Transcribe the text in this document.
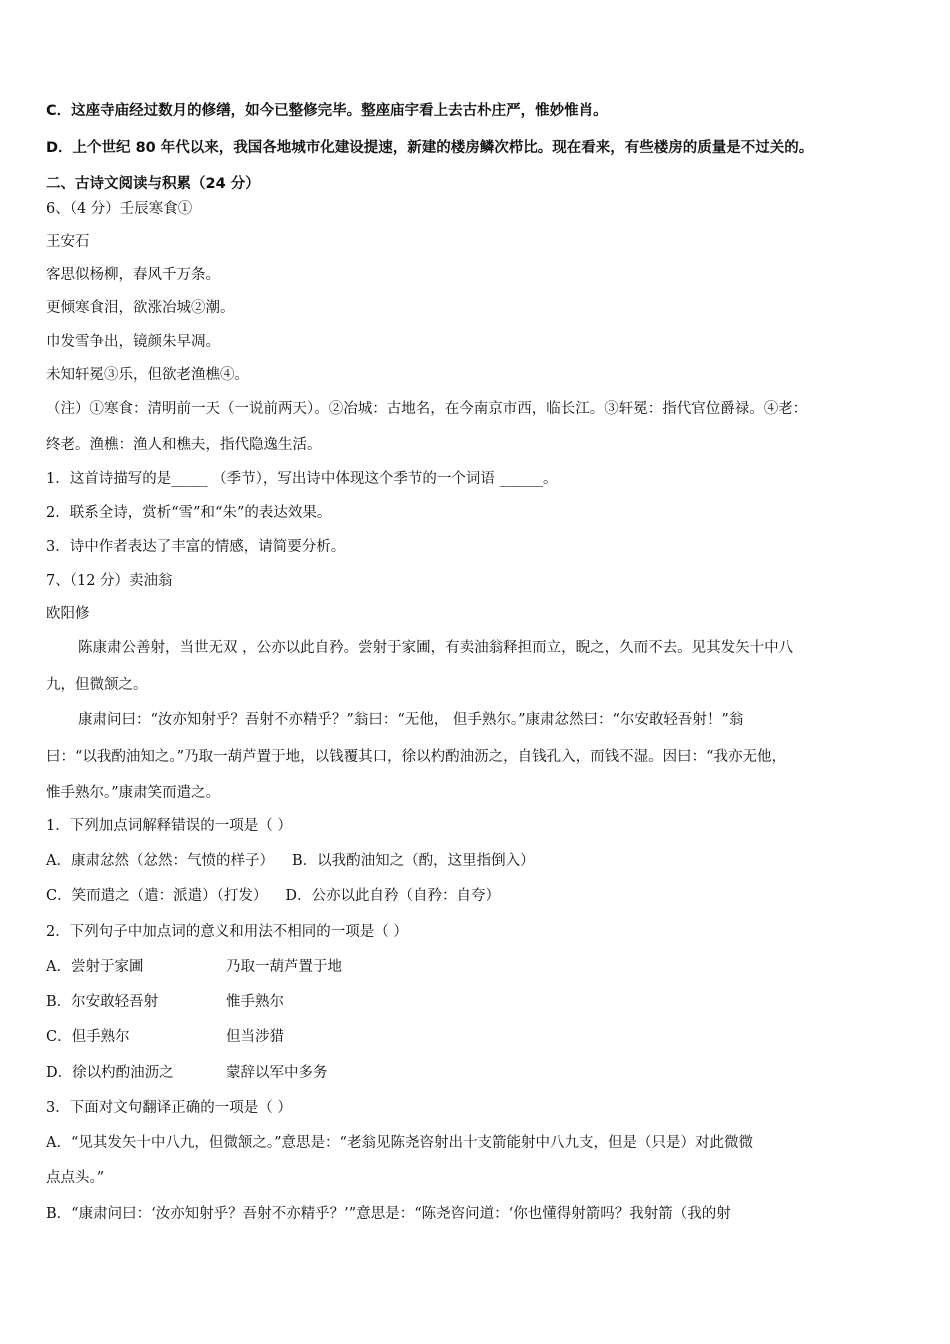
C．这座寺庙经过数月的修缮，如今已整修完毕。整座庙宇看上去古朴庄严，惟妙惟肖。
D．上个世纪 80 年代以来，我国各地城市化建设提速，新建的楼房鳞次栉比。现在看来，有些楼房的质量是不过关的。
二、古诗文阅读与积累（24 分）
6、（4 分）壬辰寒食①
王安石
客思似杨柳，春风千万条。
更倾寒食泪，欲涨冶城②潮。
巾发雪争出，镜颜朱早凋。
未知轩冕③乐，但欲老渔樵④。
（注）①寒食：清明前一天（一说前两天）。②冶城：古地名，在今南京市西，临长江。③轩冕：指代官位爵禄。④老：
终老。渔樵：渔人和樵夫，指代隐逸生活。
1．这首诗描写的是_____ （季节），写出诗中体现这个季节的一个词语 ______。
2．联系全诗，赏析“雪”和“朱”的表达效果。
3．诗中作者表达了丰富的情感，请简要分析。
7、（12 分）卖油翁
欧阳修
陈康肃公善射，当世无双 ，公亦以此自矜。尝射于家圃，有卖油翁释担而立，睨之，久而不去。见其发矢十中八
九，但微颔之。
康肃问曰：“汝亦知射乎？吾射不亦精乎？”翁曰：“无他， 但手熟尔。”康肃忿然曰：“尔安敢轻吾射！”翁
曰：“以我酌油知之。”乃取一葫芦置于地，以钱覆其口，徐以杓酌油沥之，自钱孔入，而钱不湿。因曰：“我亦无他，
惟手熟尔。”康肃笑而遣之。
1．下列加点词解释错误的一项是（ ）
A．康肃忿然（忿然：气愤的样子） B．以我酌油知之（酌，这里指倒入）
C．笑而遣之（遣：派遣）（打发） D．公亦以此自矜（自矜：自夸）
2．下列句子中加点词的意义和用法不相同的一项是（ ）
A．尝射于家圃	乃取一葫芦置于地
B．尔安敢轻吾射	惟手熟尔
C．但手熟尔	但当涉猎
D．徐以杓酌油沥之	蒙辞以军中多务
3．下面对文句翻译正确的一项是（ ）
A．“见其发矢十中八九，但微颔之。”意思是：“老翁见陈尧咨射出十支箭能射中八九支，但是（只是）对此微微
点点头。”
B．“康肃问曰：‘汝亦知射乎？吾射不亦精乎？’”意思是：“陈尧咨问道：‘你也懂得射箭吗？我射箭（我的射
